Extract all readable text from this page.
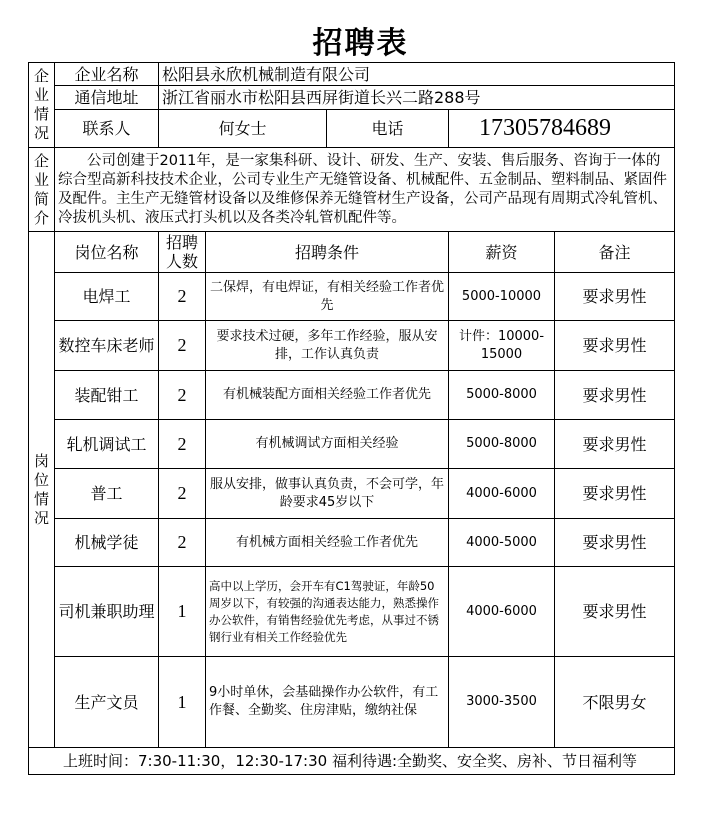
招聘表
企业情况	企业名称	松阳县永欣机械制造有限公司				
	通信地址	浙江省丽水市松阳县西屏街道长兴二路288号				
	联系人	何女士		电话	17305784689	
企业简介	公司创建于2011年，是一家集科研、设计、研发、生产、安装、售后服务、咨询于一体的综合型高新科技技术企业，公司专业生产无缝管设备、机械配件、五金制品、塑料制品、紧固件及配件。主生产无缝管材设备以及维修保养无缝管材生产设备，公司产品现有周期式冷轧管机、冷拔机头机、液压式打头机以及各类冷轧管机配件等。					
岗位情况	岗位名称	招聘人数	招聘条件		薪资	备注
	电焊工	2	二保焊，有电焊证，有相关经验工作者优先		5000-10000	要求男性
	数控车床老师	2	要求技术过硬，多年工作经验，服从安排，工作认真负责		计件：10000-15000	要求男性
	装配钳工	2	有机械装配方面相关经验工作者优先		5000-8000	要求男性
	轧机调试工	2	有机械调试方面相关经验		5000-8000	要求男性
	普工	2	服从安排，做事认真负责，不会可学，年龄要求45岁以下		4000-6000	要求男性
	机械学徒	2	有机械方面相关经验工作者优先		4000-5000	要求男性
	司机兼职助理	1	高中以上学历，会开车有C1驾驶证，年龄50周岁以下，有较强的沟通表达能力，熟悉操作办公软件，有销售经验优先考虑，从事过不锈钢行业有相关工作经验优先		4000-6000	要求男性
	生产文员	1	9小时单休，会基础操作办公软件，有工作餐、全勤奖、住房津贴，缴纳社保		3000-3500	不限男女
上班时间：7:30-11:30，12:30-17:30 福利待遇:全勤奖、安全奖、房补、节日福利等						
